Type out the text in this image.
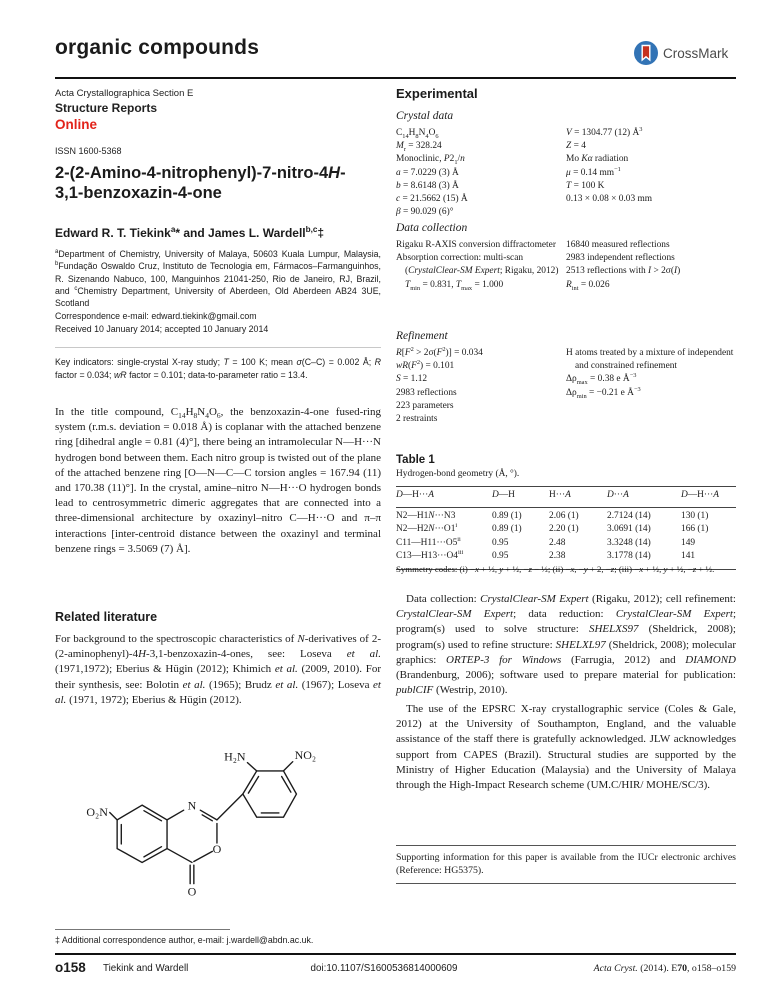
organic compounds	CrossMark
Acta Crystallographica Section E
Structure Reports
Online
ISSN 1600-5368
2-(2-Amino-4-nitrophenyl)-7-nitro-4H-
3,1-benzoxazin-4-one
Edward R. T. Tiekink$^a$* and James L. Wardell$^{b,c}$‡
$^a$Department of Chemistry, University of Malaya, 50603 Kuala Lumpur, Malaysia, $^b$Fundação Oswaldo Cruz, Instituto de Tecnologia em, Fármacos–Farmanguinhos, R. Sizenando Nabuco, 100, Manguinhos 21041-250, Rio de Janeiro, RJ, Brazil, and $^c$Chemistry Department, University of Aberdeen, Old Aberdeen AB24 3UE, Scotland
Correspondence e-mail: edward.tiekink@gmail.com
Received 10 January 2014; accepted 10 January 2014
Key indicators: single-crystal X-ray study; T = 100 K; mean σ(C–C) = 0.002 Å; R factor = 0.034; wR factor = 0.101; data-to-parameter ratio = 13.4.
In the title compound, $C_{14}H_8N_4O_6$, the benzoxazin-4-one fused-ring system (r.m.s. deviation = 0.018 Å) is coplanar with the attached benzene ring [dihedral angle = 0.81 (4)°], there being an intramolecular N—H···N hydrogen bond between them. Each nitro group is twisted out of the plane of the attached benzene ring [O—N—C—C torsion angles = 167.94 (11) and 170.38 (11)°]. In the crystal, amine–nitro N—H···O hydrogen bonds lead to centrosymmetric dimeric aggregates that are connected into a three-dimensional architecture by oxazinyl–nitro C—H···O and π–π interactions [inter-centroid distance between the oxazinyl and terminal benzene rings = 3.5069 (7) Å].
Related literature
For background to the spectroscopic characteristics of N-derivatives of 2-(2-aminophenyl)-4H-3,1-benzoxazin-4-ones, see: Loseva et al. (1971,1972); Eberius & Hügin (2012); Khimich et al. (2009, 2010). For their synthesis, see: Bolotin et al. (1965); Brudz et al. (1967); Loseva et al. (1971, 1972); Eberius & Hügin (2012).
O₂N	N
O
O
H₂N	NO₂
‡ Additional correspondence author, e-mail: j.wardell@abdn.ac.uk.
Experimental
Crystal data
$C_{14}H_8N_4O_6$
$M_r = 328.24$
Monoclinic, $P2_1/n$
a = 7.0229 (3) Å
b = 8.6148 (3) Å
c = 21.5662 (15) Å
β = 90.029 (6)°
V = 1304.77 (12) $Å^3$
Z = 4
Mo Kα radiation
μ = 0.14 $mm^{-1}$
T = 100 K
0.13 × 0.08 × 0.03 mm
Data collection
Rigaku R-AXIS conversion diffractometer
Absorption correction: multi-scan (CrystalClear-SM Expert; Rigaku, 2012)
$T_{min} = 0.831$, $T_{max} = 1.000$
16840 measured reflections
2983 independent reflections
2513 reflections with I > 2σ(I)
$R_{int} = 0.026$
Refinement
$R[F^2 > 2\sigma(F^2)] = 0.034$
$wR(F^2) = 0.101$
S = 1.12
2983 reflections
223 parameters
2 restraints
H atoms treated by a mixture of independent and constrained refinement
$\Delta\rho_{max} = 0.38$ e $Å^{-3}$
$\Delta\rho_{min} = -0.21$ e $Å^{-3}$
Table 1
Hydrogen-bond geometry (Å, °).
D—H···A	D—H	H···A	D···A	D—H···A
N2—H1N···N3	0.89 (1)	2.06 (1)	2.7124 (14)	130 (1)
$N2—H2N\cdot\cdot\cdot O1^i$	0.89 (1)	2.20 (1)	3.0691 (14)	166 (1)
$C11—H11\cdot\cdot\cdot O5^{ii}$	0.95	2.48	3.3248 (14)	149
$C13—H13\cdot\cdot\cdot O4^{iii}$	0.95	2.38	3.1778 (14)	141
Symmetry codes: (i) −x + ½, y + ½, −z − ½; (ii) −x, −y + 2, −z; (iii) −x + ½, y + ½, −z + ½.
Data collection: CrystalClear-SM Expert (Rigaku, 2012); cell refinement: CrystalClear-SM Expert; data reduction: CrystalClear-SM Expert; program(s) used to solve structure: SHELXS97 (Sheldrick, 2008); program(s) used to refine structure: SHELXL97 (Sheldrick, 2008); molecular graphics: ORTEP-3 for Windows (Farrugia, 2012) and DIAMOND (Brandenburg, 2006); software used to prepare material for publication: publCIF (Westrip, 2010).
The use of the EPSRC X-ray crystallographic service (Coles & Gale, 2012) at the University of Southampton, England, and the valuable assistance of the staff there is gratefully acknowledged. JLW acknowledges support from CAPES (Brazil). Structural studies are supported by the Ministry of Higher Education (Malaysia) and the University of Malaya through the High-Impact Research scheme (UM.C/HIR/ MOHE/SC/3).
Supporting information for this paper is available from the IUCr electronic archives (Reference: HG5375).
o158 Tiekink and Wardell	doi:10.1107/S1600536814000609	Acta Cryst. (2014). E70, o158–o159
